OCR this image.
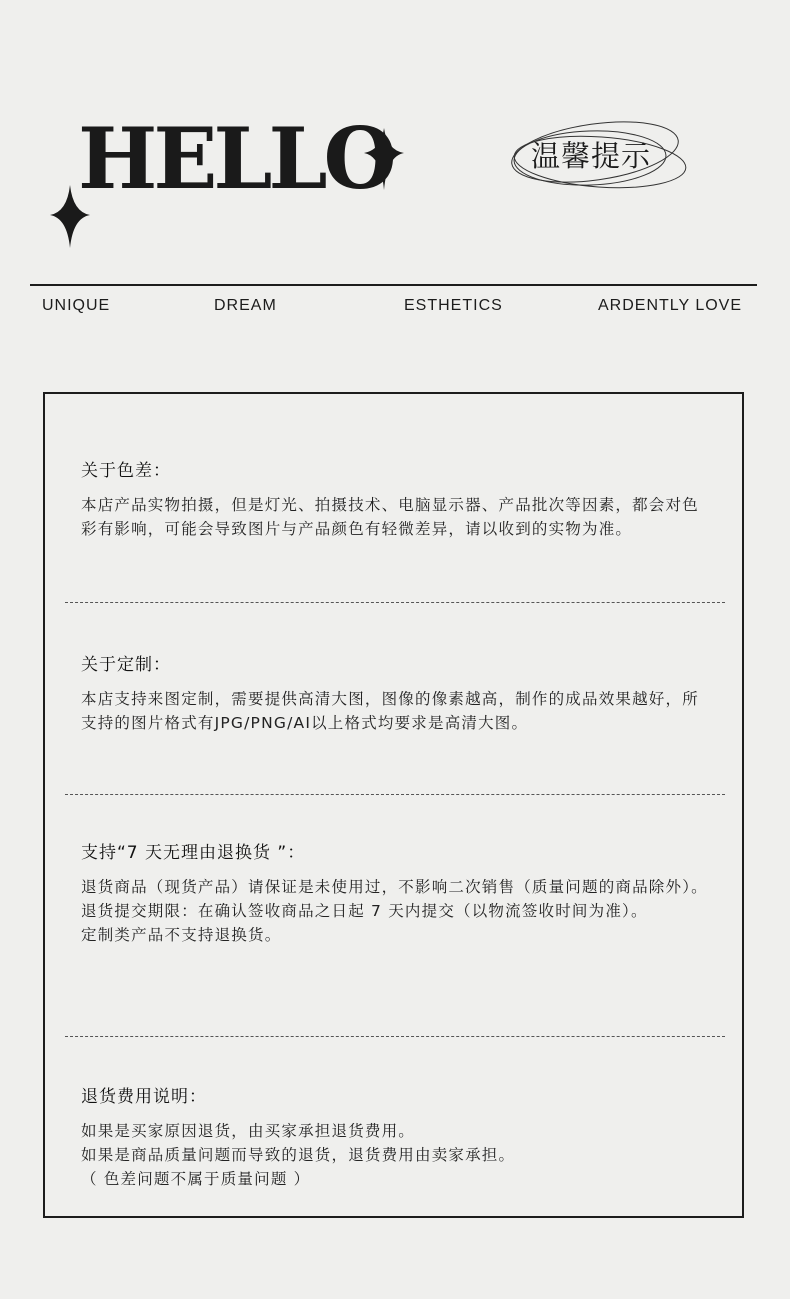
HELLO	温馨提示
UNIQUE	DREAM	ESTHETICS	ARDENTLY LOVE
关于色差：

本店产品实物拍摄，但是灯光、拍摄技术、电脑显示器、产品批次等因素，都会对色彩有影响，可能会导致图片与产品颜色有轻微差异，请以收到的实物为准。

关于定制：

本店支持来图定制，需要提供高清大图，图像的像素越高，制作的成品效果越好，所支持的图片格式有JPG/PNG/AI以上格式均要求是高清大图。

支持“7 天无理由退换货 ”：

退货商品（现货产品）请保证是未使用过，不影响二次销售（质量问题的商品除外）。

退货提交期限：在确认签收商品之日起 7 天内提交（以物流签收时间为准）。

定制类产品不支持退换货。

退货费用说明：

如果是买家原因退货，由买家承担退货费用。

如果是商品质量问题而导致的退货，退货费用由卖家承担。

（ 色差问题不属于质量问题 ）
